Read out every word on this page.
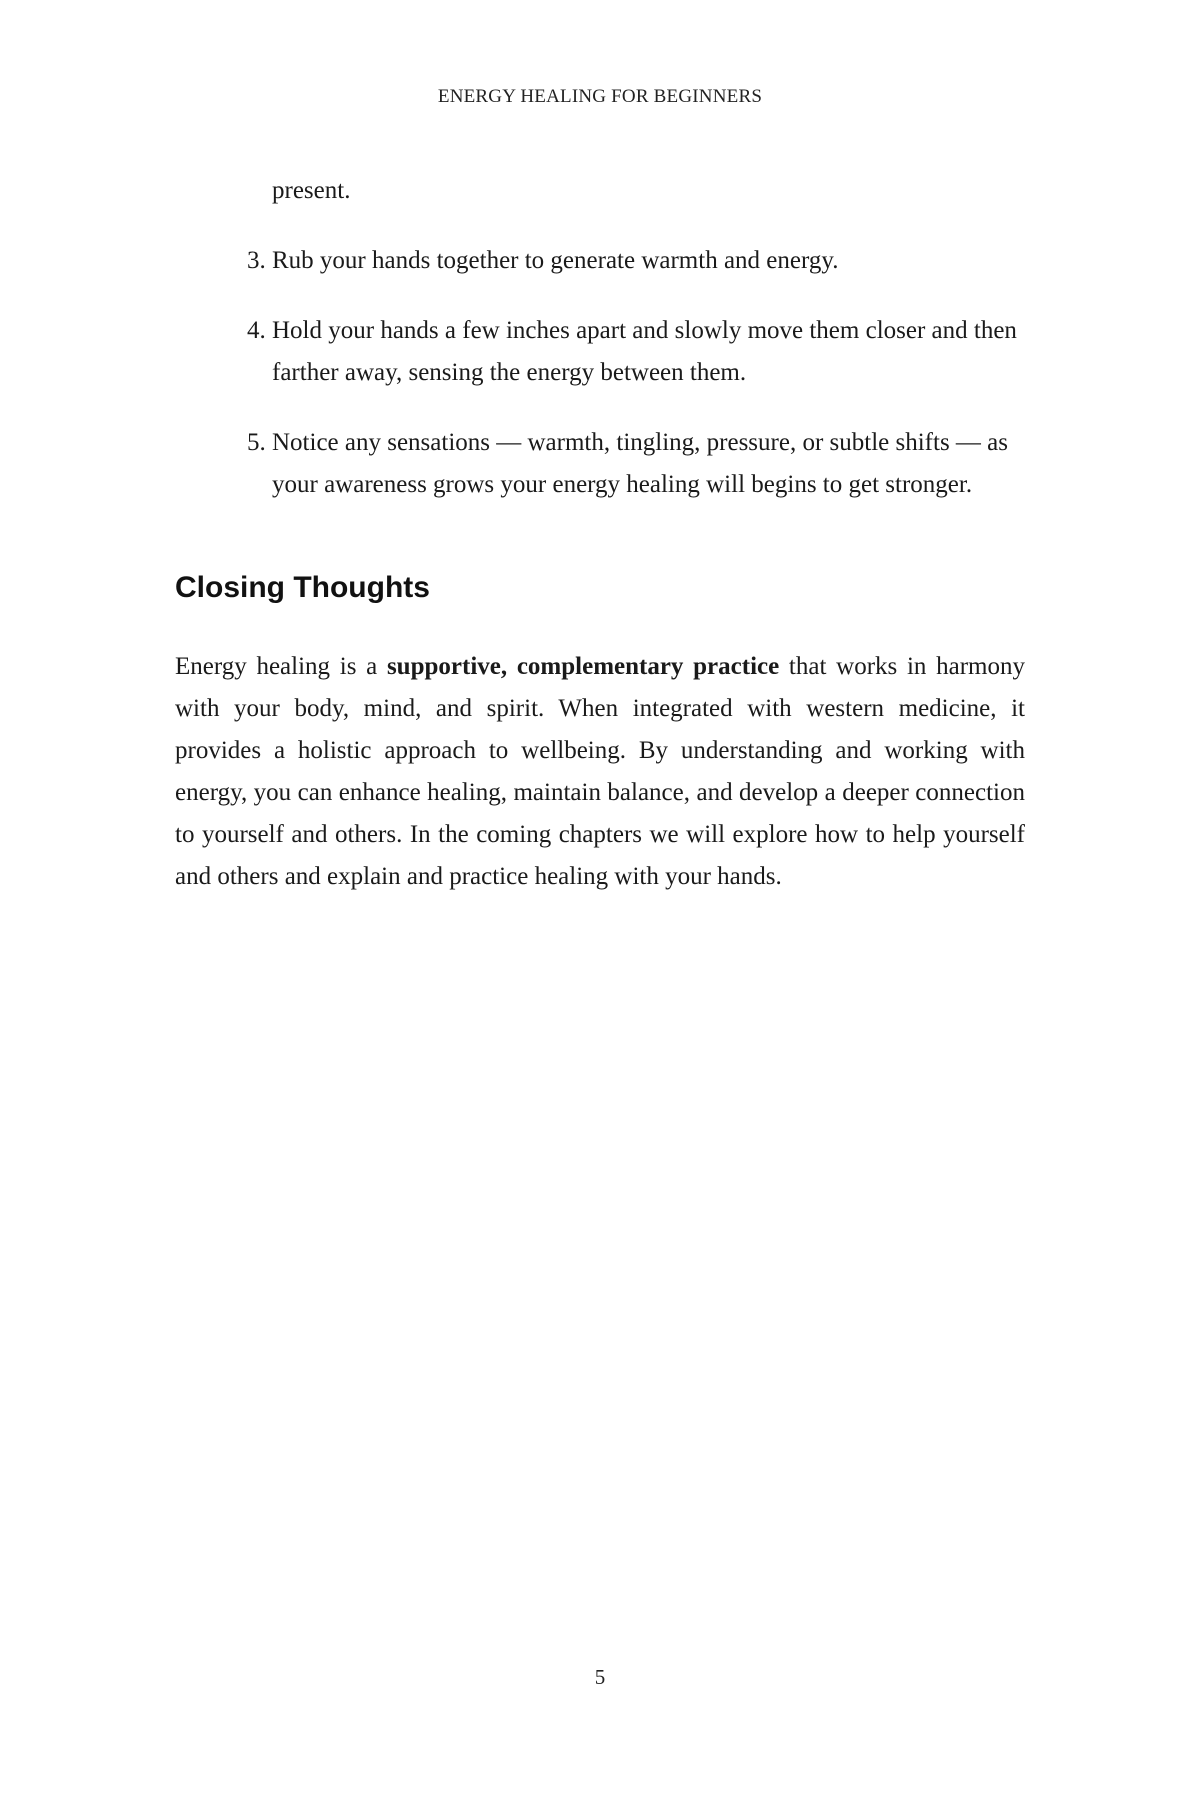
ENERGY HEALING FOR BEGINNERS
present.
3. Rub your hands together to generate warmth and energy.
4. Hold your hands a few inches apart and slowly move them closer and then farther away, sensing the energy between them.
5. Notice any sensations — warmth, tingling, pressure, or subtle shifts — as your awareness grows your energy healing will begins to get stronger.
Closing Thoughts

Energy healing is a supportive, complementary practice that works in harmony with your body, mind, and spirit. When integrated with western medicine, it provides a holistic approach to wellbeing. By understanding and working with energy, you can enhance healing, maintain balance, and develop a deeper connection to yourself and others. In the coming chapters we will explore how to help yourself and others and explain and practice healing with your hands.

5
